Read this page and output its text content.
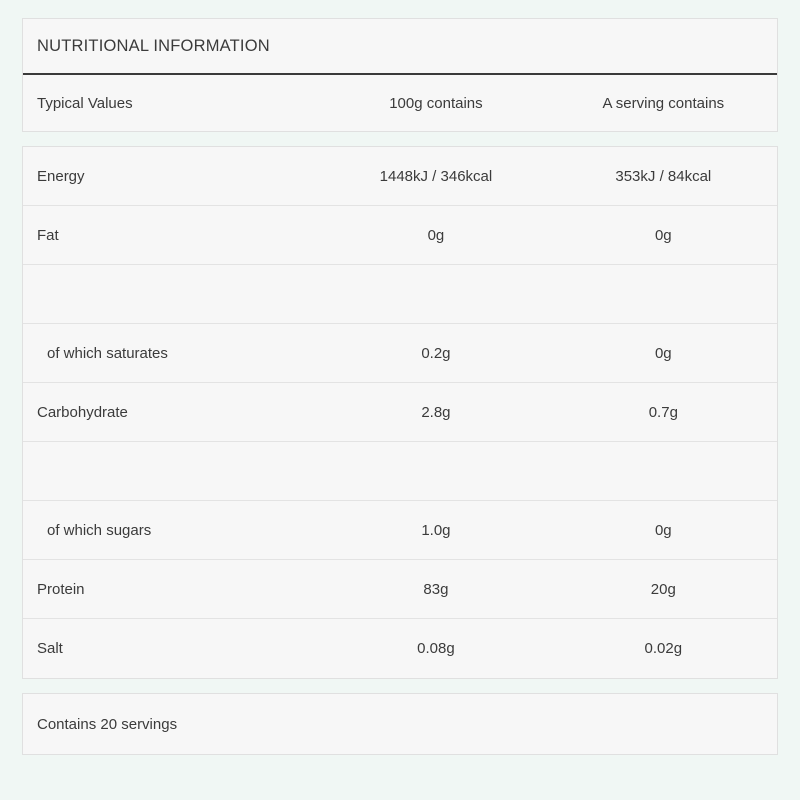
NUTRITIONAL INFORMATION
Typical Values	100g contains	A serving contains
Energy	1448kJ / 346kcal	353kJ / 84kcal
Fat	0g	0g
of which saturates	0.2g	0g
Carbohydrate	2.8g	0.7g
of which sugars	1.0g	0g
Protein	83g	20g
Salt	0.08g	0.02g
Contains 20 servings
